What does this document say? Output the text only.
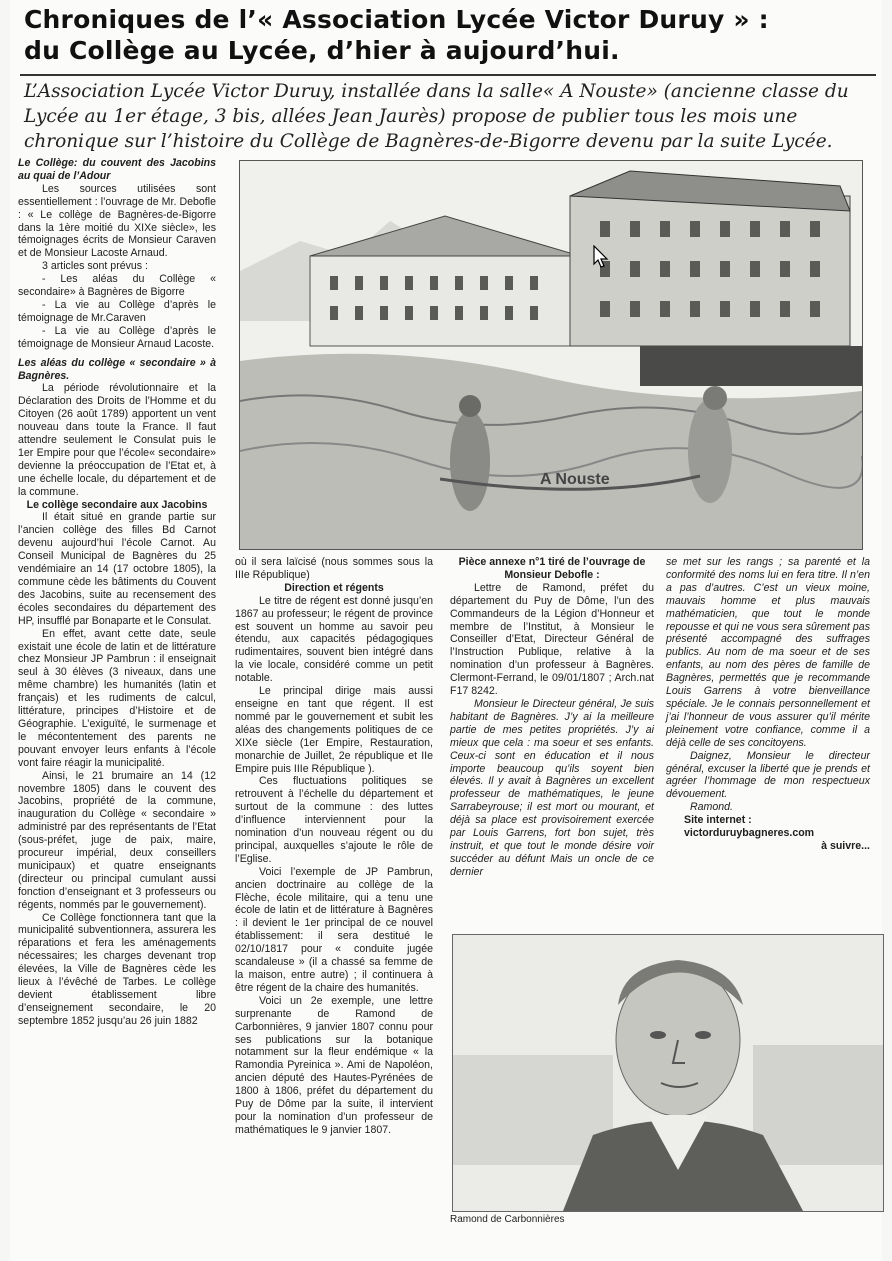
Chroniques de l’« Association Lycée Victor Duruy » :
du Collège au Lycée, d’hier à aujourd’hui.
L’Association Lycée Victor Duruy, installée dans la salle« A Nouste» (ancienne classe du Lycée au 1er étage, 3 bis, allées Jean Jaurès) propose de publier tous les mois une chronique sur l’histoire du Collège de Bagnères-de-Bigorre devenu par la suite Lycée.

Le Collège: du couvent des Jacobins au quai de l’Adour

Les sources utilisées sont essentiellement : l’ouvrage de Mr. Debofle : « Le collège de Bagnères-de-Bigorre dans la 1ère moitié du XIXe siècle», les témoignages écrits de Monsieur Caraven et de Monsieur Lacoste Arnaud.

3 articles sont prévus :

- Les aléas du Collège « secondaire» à Bagnères de Bigorre

- La vie au Collège d’après le témoignage de Mr.Caraven

- La vie au Collège d’après le témoignage de Monsieur Arnaud Lacoste.

Les aléas du collège « secondaire » à Bagnères.

La période révolutionnaire et la Déclaration des Droits de l’Homme et du Citoyen (26 août 1789) apportent un vent nouveau dans toute la France. Il faut attendre seulement le Consulat puis le 1er Empire pour que l’école« secondaire» devienne la préoccupation de l’Etat et, à une échelle locale, du département et de la commune.

Le collège secondaire aux Jacobins

Il était situé en grande partie sur l’ancien collège des filles Bd Carnot devenu aujourd’hui l’école Carnot. Au Conseil Municipal de Bagnères du 25 vendémiaire an 14 (17 octobre 1805), la commune cède les bâtiments du Couvent des Jacobins, suite au recensement des écoles secondaires du département des HP, insufflé par Bonaparte et le Consulat.

En effet, avant cette date, seule existait une école de latin et de littérature chez Monsieur JP Pambrun : il enseignait seul à 30 élèves (3 niveaux, dans une même chambre) les humanités (latin et français) et les rudiments de calcul, littérature, principes d’Histoire et de Géographie. L’exiguïté, le surmenage et le mécontentement des parents ne pouvant envoyer leurs enfants à l’école vont faire réagir la municipalité.

Ainsi, le 21 brumaire an 14 (12 novembre 1805) dans le couvent des Jacobins, propriété de la commune, inauguration du Collège « secondaire » administré par des représentants de l’Etat (sous-préfet, juge de paix, maire, procureur impérial, deux conseillers municipaux) et quatre enseignants (directeur ou principal cumulant aussi fonction d’enseignant et 3 professeurs ou régents, nommés par le gouvernement).

Ce Collège fonctionnera tant que la municipalité subventionnera, assurera les réparations et fera les aménagements nécessaires; les charges devenant trop élevées, la Ville de Bagnères cède les lieux à l’évêché de Tarbes. Le collège devient établissement libre d’enseignement secondaire, le 20 septembre 1852 jusqu’au 26 juin 1882

A Nouste

où il sera laïcisé (nous sommes sous la IIIe République)

Direction et régents

Le titre de régent est donné jusqu’en 1867 au professeur; le régent de province est souvent un homme au savoir peu étendu, aux capacités pédagogiques rudimentaires, souvent bien intégré dans la vie locale, considéré comme un petit notable.

Le principal dirige mais aussi enseigne en tant que régent. Il est nommé par le gouvernement et subit les aléas des changements politiques de ce XIXe siècle (1er Empire, Restauration, monarchie de Juillet, 2e république et IIe Empire puis IIIe République ).

Ces fluctuations politiques se retrouvent à l’échelle du département et surtout de la commune : des luttes d’influence interviennent pour la nomination d’un nouveau régent ou du principal, auxquelles s’ajoute le rôle de l’Eglise.

Voici l’exemple de JP Pambrun, ancien doctrinaire au collège de la Flèche, école militaire, qui a tenu une école de latin et de littérature à Bagnères : il devient le 1er principal de ce nouvel établissement: il sera destitué le 02/10/1817 pour « conduite jugée scandaleuse » (il a chassé sa femme de la maison, entre autre) ; il continuera à être régent de la chaire des humanités.

Voici un 2e exemple, une lettre surprenante de Ramond de Carbonnières, 9 janvier 1807 connu pour ses publications sur la botanique notamment sur la fleur endémique « la Ramondia Pyreinica ». Ami de Napoléon, ancien député des Hautes-Pyrénées de 1800 à 1806, préfet du département du Puy de Dôme par la suite, il intervient pour la nomination d’un professeur de mathématiques le 9 janvier 1807.

Pièce annexe n°1 tiré de l’ouvrage de Monsieur Debofle :

Lettre de Ramond, préfet du département du Puy de Dôme, l’un des Commandeurs de la Légion d’Honneur et membre de l’Institut, à Monsieur le Conseiller d’Etat, Directeur Général de l’Instruction Publique, relative à la nomination d’un professeur à Bagnères. Clermont-Ferrand, le 09/01/1807 ; Arch.nat F17 8242.

Monsieur le Directeur général, Je suis habitant de Bagnères. J’y ai la meilleure partie de mes petites propriétés. J’y ai mieux que cela : ma soeur et ses enfants. Ceux-ci sont en éducation et il nous importe beaucoup qu’ils soyent bien élevés. Il y avait à Bagnères un excellent professeur de mathématiques, le jeune Sarrabeyrouse; il est mort ou mourant, et déjà sa place est provisoirement exercée par Louis Garrens, fort bon sujet, très instruit, et que tout le monde désire voir succéder au défunt Mais un oncle de ce dernier

se met sur les rangs ; sa parenté et la conformité des noms lui en fera titre. Il n’en a pas d’autres. C’est un vieux moine, mauvais homme et plus mauvais mathématicien, que tout le monde repousse et qui ne vous sera sûrement pas présenté accompagné des suffrages publics. Au nom de ma soeur et de ses enfants, au nom des pères de famille de Bagnères, permettés que je recommande Louis Garrens à votre bienveillance spéciale. Je le connais personnellement et j’ai l’honneur de vous assurer qu’il mérite pleinement votre confiance, comme il a déjà celle de ses concitoyens.

Daignez, Monsieur le directeur général, excuser la liberté que je prends et agréer l’hommage de mon respectueux dévouement.

Ramond.

Site internet :

victorduruybagneres.com

à suivre...

Ramond de Carbonnières
